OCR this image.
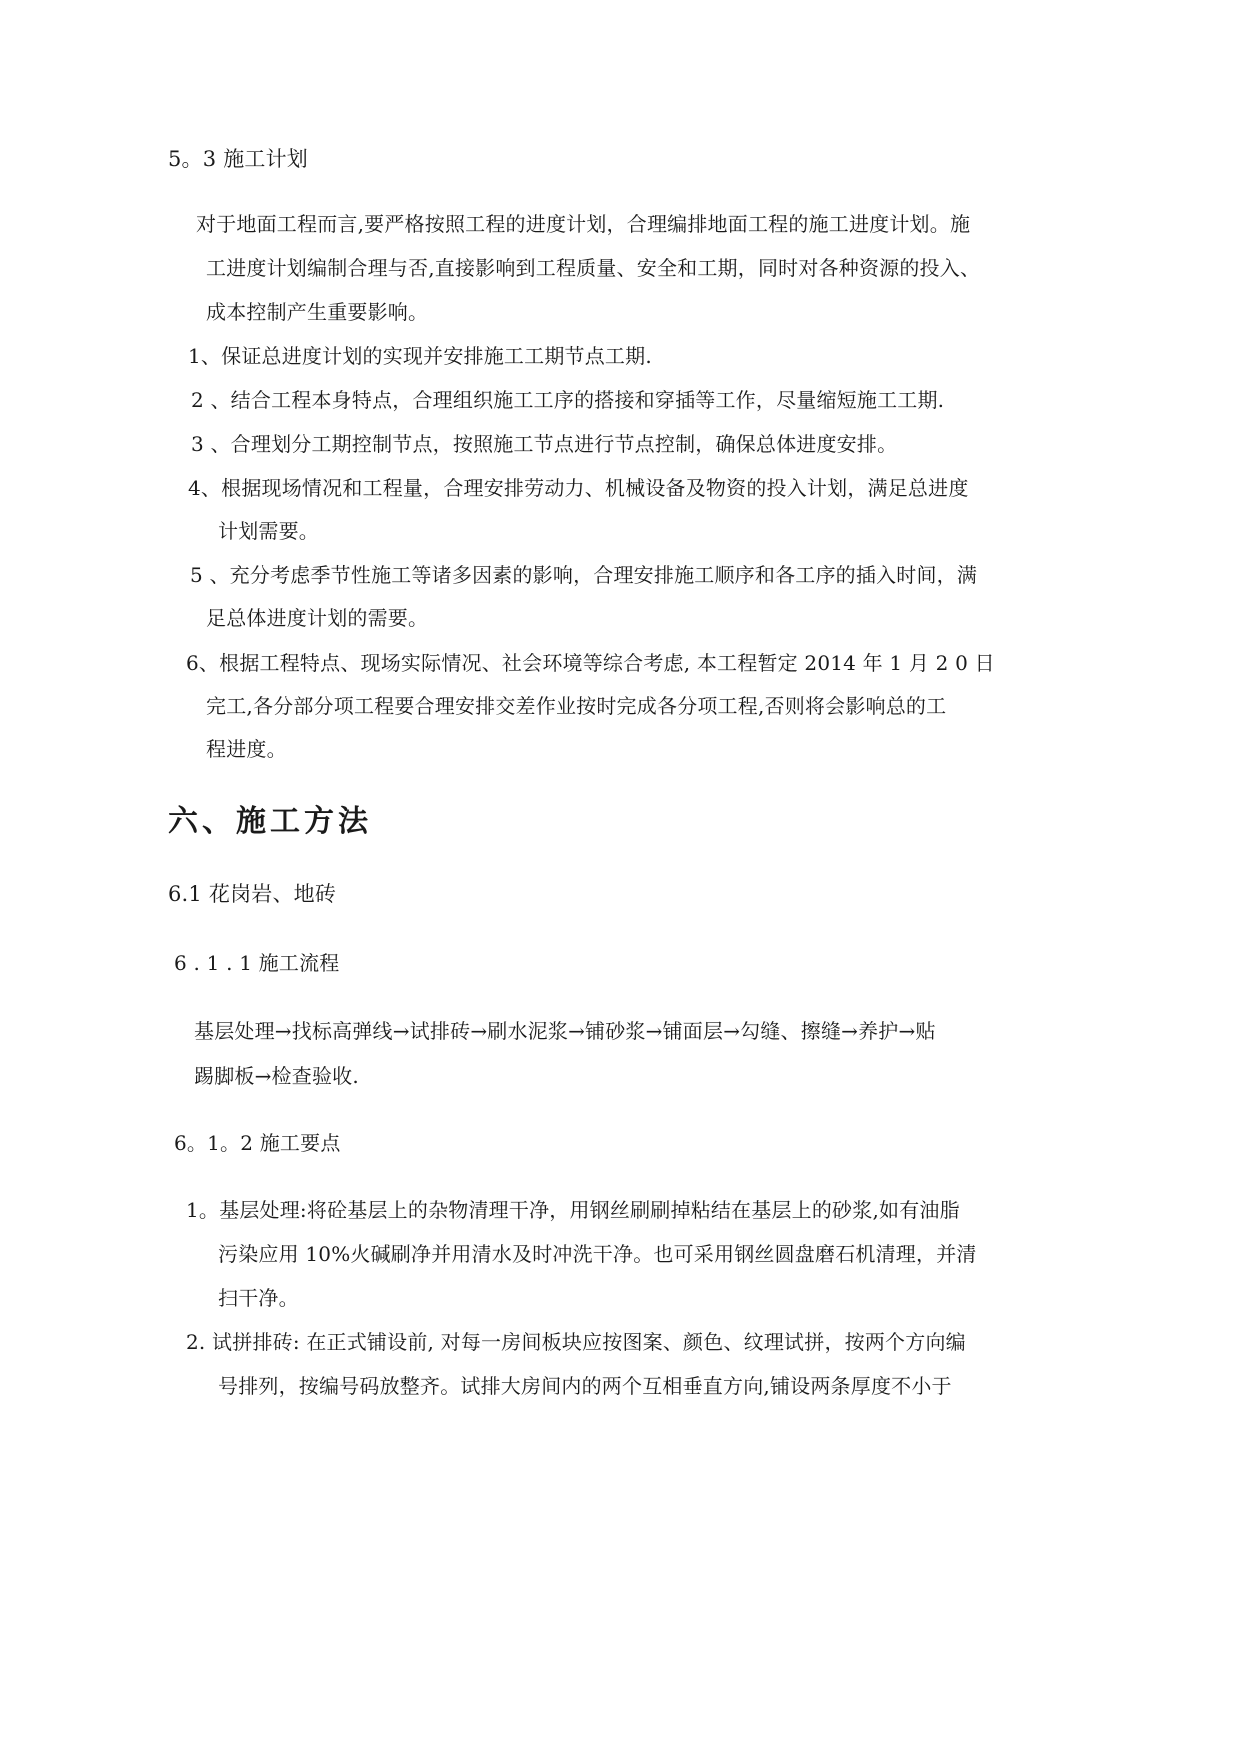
5。3 施工计划
对于地面工程而言,要严格按照工程的进度计划，合理编排地面工程的施工进度计划。施
工进度计划编制合理与否,直接影响到工程质量、安全和工期，同时对各种资源的投入、
成本控制产生重要影响。
1、保证总进度计划的实现并安排施工工期节点工期.
2 、结合工程本身特点，合理组织施工工序的搭接和穿插等工作，尽量缩短施工工期.
3 、合理划分工期控制节点，按照施工节点进行节点控制，确保总体进度安排。
4、根据现场情况和工程量，合理安排劳动力、机械设备及物资的投入计划，满足总进度
计划需要。
5 、充分考虑季节性施工等诸多因素的影响，合理安排施工顺序和各工序的插入时间，满
足总体进度计划的需要。
6、根据工程特点、现场实际情况、社会环境等综合考虑, 本工程暂定 2014 年 1 月 2 0 日
完工,各分部分项工程要合理安排交差作业按时完成各分项工程,否则将会影响总的工
程进度。
六、施工方法
6.1 花岗岩、地砖
6 . 1 . 1 施工流程
基层处理→找标高弹线→试排砖→刷水泥浆→铺砂浆→铺面层→勾缝、擦缝→养护→贴
踢脚板→检查验收.
6。1。2 施工要点
1。基层处理:将砼基层上的杂物清理干净，用钢丝刷刷掉粘结在基层上的砂浆,如有油脂
污染应用 10%火碱刷净并用清水及时冲洗干净。也可采用钢丝圆盘磨石机清理，并清
扫干净。
2. 试拼排砖: 在正式铺设前, 对每一房间板块应按图案、颜色、纹理试拼，按两个方向编
号排列，按编号码放整齐。试排大房间内的两个互相垂直方向,铺设两条厚度不小于
